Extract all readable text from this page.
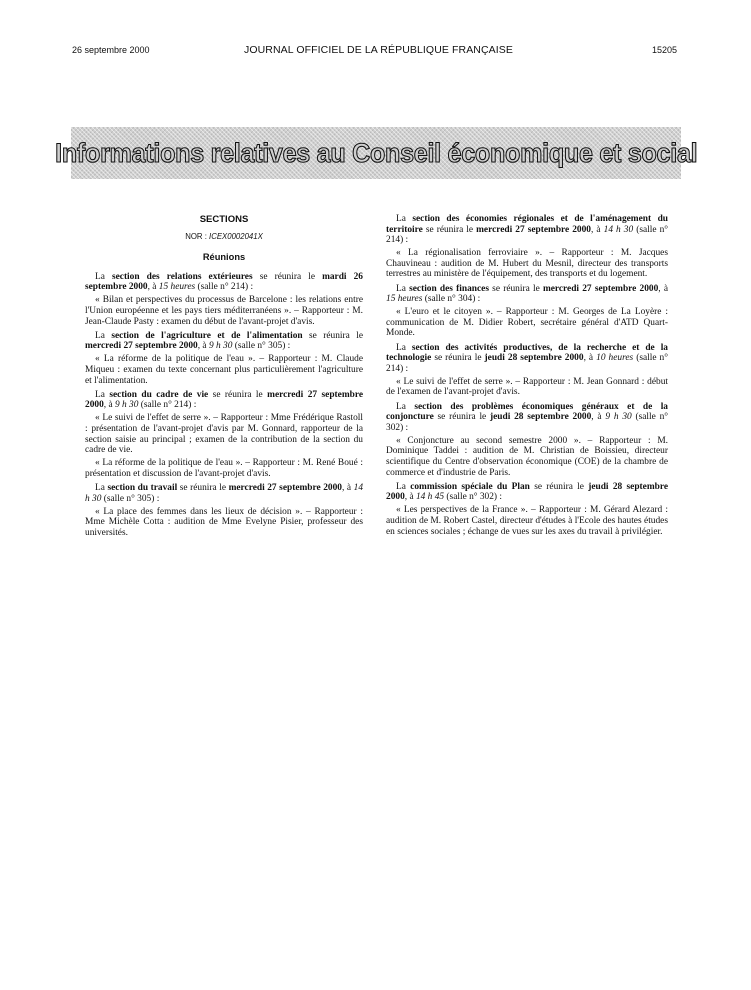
26 septembre 2000	JOURNAL OFFICIEL DE LA RÉPUBLIQUE FRANÇAISE	15205
Informations relatives au Conseil économique et social
SECTIONS
NOR : ICEX0002041X
Réunions

La section des relations extérieures se réunira le mardi 26 septembre 2000, à 15 heures (salle n° 214) :

« Bilan et perspectives du processus de Barcelone : les relations entre l'Union européenne et les pays tiers méditerranéens ». – Rapporteur : M. Jean-Claude Pasty : examen du début de l'avant-projet d'avis.

La section de l'agriculture et de l'alimentation se réunira le mercredi 27 septembre 2000, à 9 h 30 (salle n° 305) :

« La réforme de la politique de l'eau ». – Rapporteur : M. Claude Miqueu : examen du texte concernant plus particulièrement l'agriculture et l'alimentation.

La section du cadre de vie se réunira le mercredi 27 septembre 2000, à 9 h 30 (salle n° 214) :

« Le suivi de l'effet de serre ». – Rapporteur : Mme Frédérique Rastoll : présentation de l'avant-projet d'avis par M. Gonnard, rapporteur de la section saisie au principal ; examen de la contribution de la section du cadre de vie.

« La réforme de la politique de l'eau ». – Rapporteur : M. René Boué : présentation et discussion de l'avant-projet d'avis.

La section du travail se réunira le mercredi 27 septembre 2000, à 14 h 30 (salle n° 305) :

« La place des femmes dans les lieux de décision ». – Rapporteur : Mme Michèle Cotta : audition de Mme Evelyne Pisier, professeur des universités.

La section des économies régionales et de l'aménagement du territoire se réunira le mercredi 27 septembre 2000, à 14 h 30 (salle n° 214) :

« La régionalisation ferroviaire ». – Rapporteur : M. Jacques Chauvineau : audition de M. Hubert du Mesnil, directeur des transports terrestres au ministère de l'équipement, des transports et du logement.

La section des finances se réunira le mercredi 27 septembre 2000, à 15 heures (salle n° 304) :

« L'euro et le citoyen ». – Rapporteur : M. Georges de La Loyère : communication de M. Didier Robert, secrétaire général d'ATD Quart-Monde.

La section des activités productives, de la recherche et de la technologie se réunira le jeudi 28 septembre 2000, à 10 heures (salle n° 214) :

« Le suivi de l'effet de serre ». – Rapporteur : M. Jean Gonnard : début de l'examen de l'avant-projet d'avis.

La section des problèmes économiques généraux et de la conjoncture se réunira le jeudi 28 septembre 2000, à 9 h 30 (salle n° 302) :

« Conjoncture au second semestre 2000 ». – Rapporteur : M. Dominique Taddei : audition de M. Christian de Boissieu, directeur scientifique du Centre d'observation économique (COE) de la chambre de commerce et d'industrie de Paris.

La commission spéciale du Plan se réunira le jeudi 28 septembre 2000, à 14 h 45 (salle n° 302) :

« Les perspectives de la France ». – Rapporteur : M. Gérard Alezard : audition de M. Robert Castel, directeur d'études à l'Ecole des hautes études en sciences sociales ; échange de vues sur les axes du travail à privilégier.
